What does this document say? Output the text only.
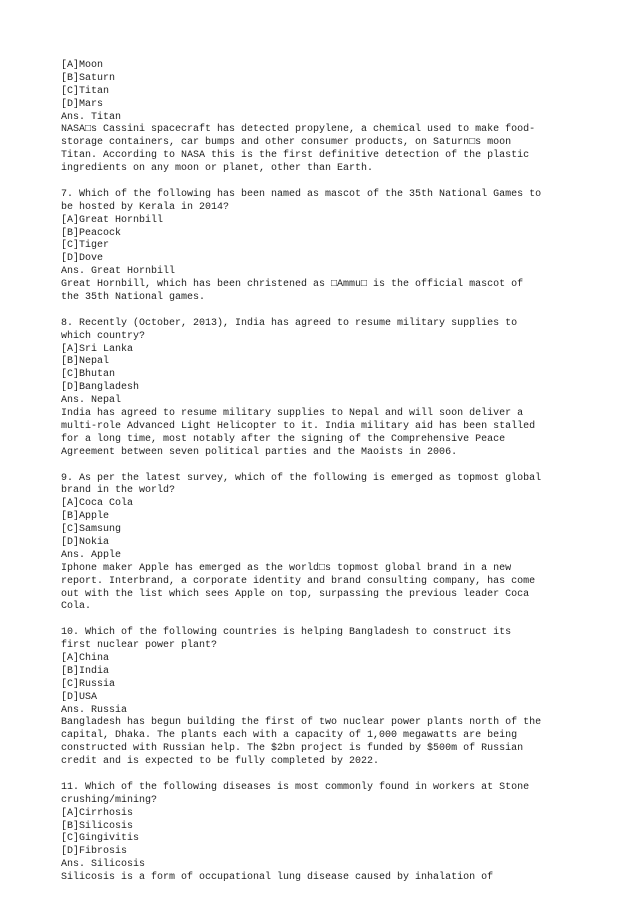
[A]Moon
[B]Saturn
[C]Titan
[D]Mars
Ans. Titan
NASA□s Cassini spacecraft has detected propylene, a chemical used to make food-
storage containers, car bumps and other consumer products, on Saturn□s moon
Titan. According to NASA this is the first definitive detection of the plastic
ingredients on any moon or planet, other than Earth.
7. Which of the following has been named as mascot of the 35th National Games to
be hosted by Kerala in 2014?
[A]Great Hornbill
[B]Peacock
[C]Tiger
[D]Dove
Ans. Great Hornbill
Great Hornbill, which has been christened as □Ammu□ is the official mascot of
the 35th National games.
8. Recently (October, 2013), India has agreed to resume military supplies to
which country?
[A]Sri Lanka
[B]Nepal
[C]Bhutan
[D]Bangladesh
Ans. Nepal
India has agreed to resume military supplies to Nepal and will soon deliver a
multi-role Advanced Light Helicopter to it. India military aid has been stalled
for a long time, most notably after the signing of the Comprehensive Peace
Agreement between seven political parties and the Maoists in 2006.
9. As per the latest survey, which of the following is emerged as topmost global
brand in the world?
[A]Coca Cola
[B]Apple
[C]Samsung
[D]Nokia
Ans. Apple
Iphone maker Apple has emerged as the world□s topmost global brand in a new
report. Interbrand, a corporate identity and brand consulting company, has come
out with the list which sees Apple on top, surpassing the previous leader Coca
Cola.
10. Which of the following countries is helping Bangladesh to construct its
first nuclear power plant?
[A]China
[B]India
[C]Russia
[D]USA
Ans. Russia
Bangladesh has begun building the first of two nuclear power plants north of the
capital, Dhaka. The plants each with a capacity of 1,000 megawatts are being
constructed with Russian help. The $2bn project is funded by $500m of Russian
credit and is expected to be fully completed by 2022.
11. Which of the following diseases is most commonly found in workers at Stone
crushing/mining?
[A]Cirrhosis
[B]Silicosis
[C]Gingivitis
[D]Fibrosis
Ans. Silicosis
Silicosis is a form of occupational lung disease caused by inhalation of
